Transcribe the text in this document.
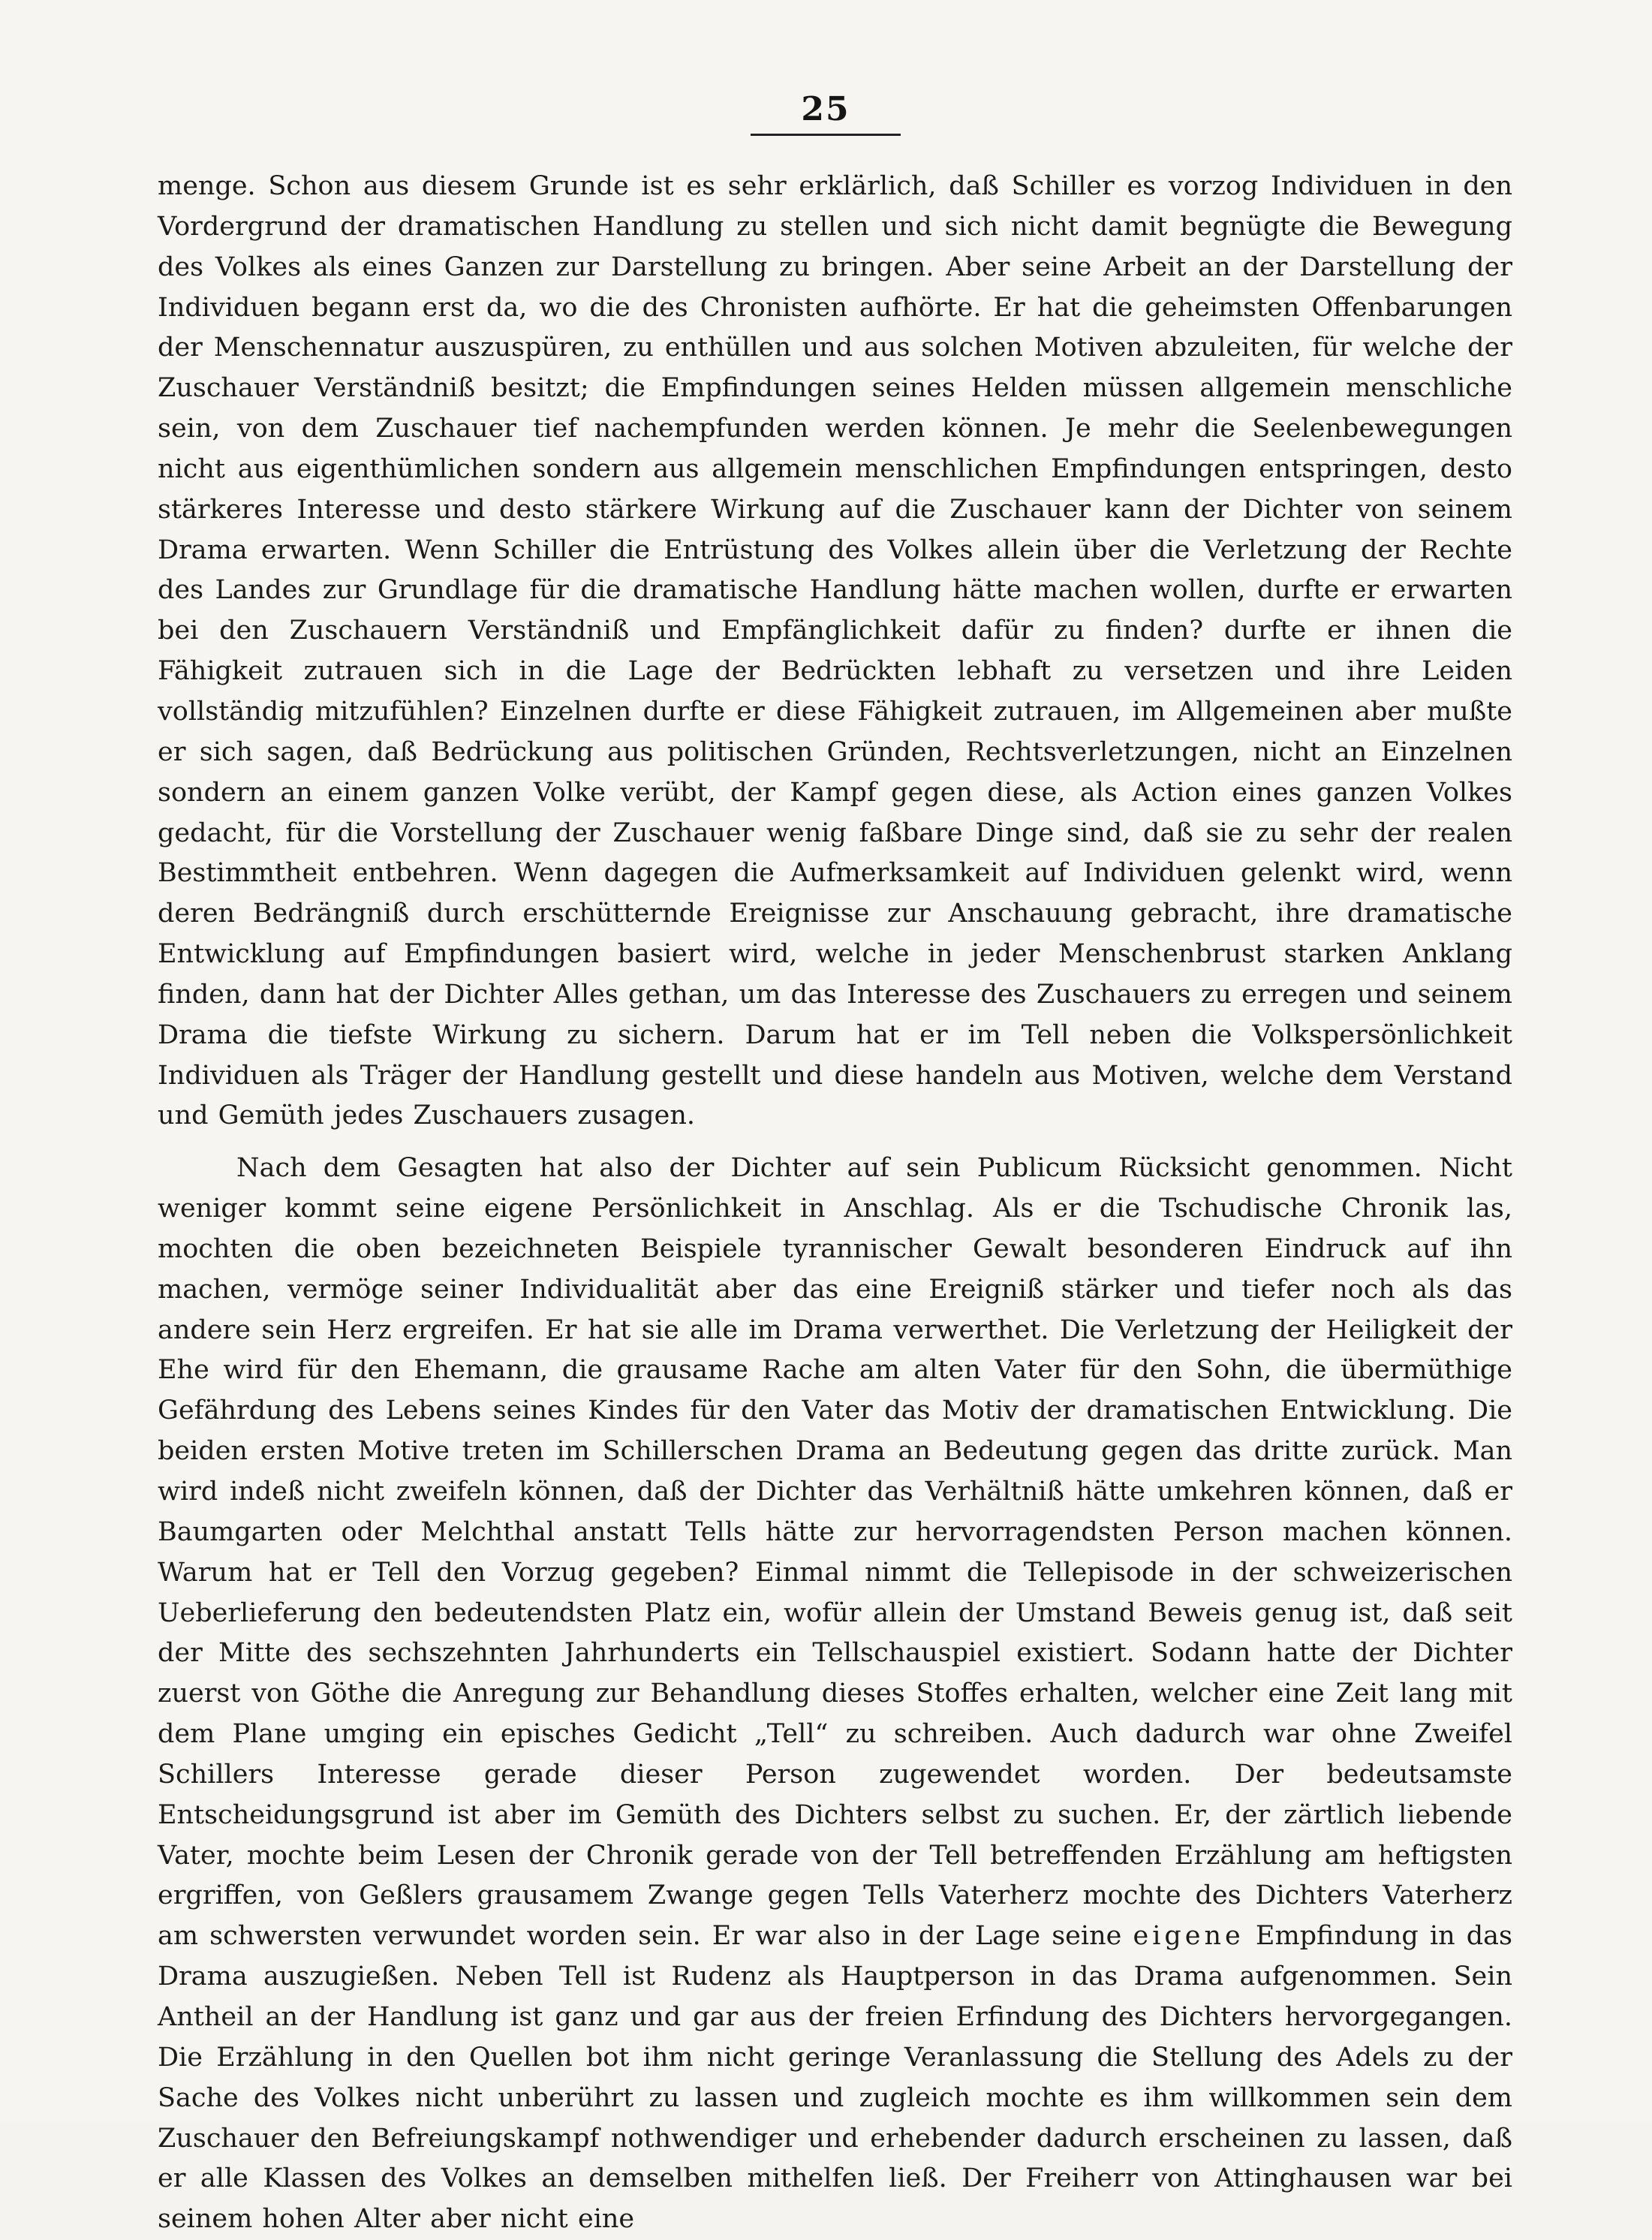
25

menge. Schon aus diesem Grunde ist es sehr erklärlich, daß Schiller es vorzog Individuen in den Vordergrund der dramatischen Handlung zu stellen und sich nicht damit begnügte die Bewegung des Volkes als eines Ganzen zur Darstellung zu bringen. Aber seine Arbeit an der Darstellung der Individuen begann erst da, wo die des Chronisten aufhörte. Er hat die geheimsten Offenbarungen der Menschennatur auszuspüren, zu enthüllen und aus solchen Motiven abzuleiten, für welche der Zuschauer Verständniß besitzt; die Empfindungen seines Helden müssen allgemein menschliche sein, von dem Zuschauer tief nachempfunden werden können. Je mehr die Seelenbewegungen nicht aus eigenthümlichen sondern aus allgemein menschlichen Empfindungen entspringen, desto stärkeres Interesse und desto stärkere Wirkung auf die Zuschauer kann der Dichter von seinem Drama erwarten. Wenn Schiller die Entrüstung des Volkes allein über die Verletzung der Rechte des Landes zur Grundlage für die dramatische Handlung hätte machen wollen, durfte er erwarten bei den Zuschauern Verständniß und Empfänglichkeit dafür zu finden? durfte er ihnen die Fähigkeit zutrauen sich in die Lage der Bedrückten lebhaft zu versetzen und ihre Leiden vollständig mitzufühlen? Einzelnen durfte er diese Fähigkeit zutrauen, im Allgemeinen aber mußte er sich sagen, daß Bedrückung aus politischen Gründen, Rechtsverletzungen, nicht an Einzelnen sondern an einem ganzen Volke verübt, der Kampf gegen diese, als Action eines ganzen Volkes gedacht, für die Vorstellung der Zuschauer wenig faßbare Dinge sind, daß sie zu sehr der realen Bestimmtheit entbehren. Wenn dagegen die Aufmerksamkeit auf Individuen gelenkt wird, wenn deren Bedrängniß durch erschütternde Ereignisse zur Anschauung gebracht, ihre dramatische Entwicklung auf Empfindungen basiert wird, welche in jeder Menschenbrust starken Anklang finden, dann hat der Dichter Alles gethan, um das Interesse des Zuschauers zu erregen und seinem Drama die tiefste Wirkung zu sichern. Darum hat er im Tell neben die Volkspersönlichkeit Individuen als Träger der Handlung gestellt und diese handeln aus Motiven, welche dem Verstand und Gemüth jedes Zuschauers zusagen.

Nach dem Gesagten hat also der Dichter auf sein Publicum Rücksicht genommen. Nicht weniger kommt seine eigene Persönlichkeit in Anschlag. Als er die Tschudische Chronik las, mochten die oben bezeichneten Beispiele tyrannischer Gewalt besonderen Eindruck auf ihn machen, vermöge seiner Individualität aber das eine Ereigniß stärker und tiefer noch als das andere sein Herz ergreifen. Er hat sie alle im Drama verwerthet. Die Verletzung der Heiligkeit der Ehe wird für den Ehemann, die grausame Rache am alten Vater für den Sohn, die übermüthige Gefährdung des Lebens seines Kindes für den Vater das Motiv der dramatischen Entwicklung. Die beiden ersten Motive treten im Schillerschen Drama an Bedeutung gegen das dritte zurück. Man wird indeß nicht zweifeln können, daß der Dichter das Verhältniß hätte umkehren können, daß er Baumgarten oder Melchthal anstatt Tells hätte zur hervorragendsten Person machen können. Warum hat er Tell den Vorzug gegeben? Einmal nimmt die Tellepisode in der schweizerischen Ueberlieferung den bedeutendsten Platz ein, wofür allein der Umstand Beweis genug ist, daß seit der Mitte des sechszehnten Jahrhunderts ein Tellschauspiel existiert. Sodann hatte der Dichter zuerst von Göthe die Anregung zur Behandlung dieses Stoffes erhalten, welcher eine Zeit lang mit dem Plane umging ein episches Gedicht „Tell“ zu schreiben. Auch dadurch war ohne Zweifel Schillers Interesse gerade dieser Person zugewendet worden. Der bedeutsamste Entscheidungsgrund ist aber im Gemüth des Dichters selbst zu suchen. Er, der zärtlich liebende Vater, mochte beim Lesen der Chronik gerade von der Tell betreffenden Erzählung am heftigsten ergriffen, von Geßlers grausamem Zwange gegen Tells Vaterherz mochte des Dichters Vaterherz am schwersten verwundet worden sein. Er war also in der Lage seine eigene Empfindung in das Drama auszugießen. Neben Tell ist Rudenz als Hauptperson in das Drama aufgenommen. Sein Antheil an der Handlung ist ganz und gar aus der freien Erfindung des Dichters hervorgegangen. Die Erzählung in den Quellen bot ihm nicht geringe Veranlassung die Stellung des Adels zu der Sache des Volkes nicht unberührt zu lassen und zugleich mochte es ihm willkommen sein dem Zuschauer den Befreiungskampf nothwendiger und erhebender dadurch erscheinen zu lassen, daß er alle Klassen des Volkes an demselben mithelfen ließ. Der Freiherr von Attinghausen war bei seinem hohen Alter aber nicht eine
